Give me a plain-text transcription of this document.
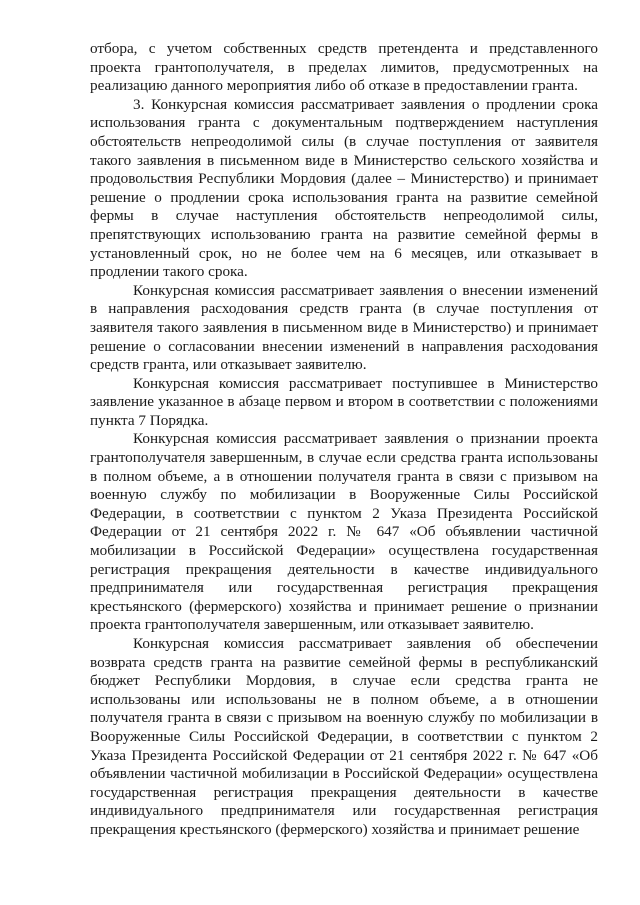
отбора, с учетом собственных средств претендента и представленного проекта грантополучателя, в пределах лимитов, предусмотренных на реализацию данного мероприятия либо об отказе в предоставлении гранта.

3. Конкурсная комиссия рассматривает заявления о продлении срока использования гранта с документальным подтверждением наступления обстоятельств непреодолимой силы (в случае поступления от заявителя такого заявления в письменном виде в Министерство сельского хозяйства и продовольствия Республики Мордовия (далее – Министерство) и принимает решение о продлении срока использования гранта на развитие семейной фермы в случае наступления обстоятельств непреодолимой силы, препятствующих использованию гранта на развитие семейной фермы в установленный срок, но не более чем на 6 месяцев, или отказывает в продлении такого срока.

Конкурсная комиссия рассматривает заявления о внесении изменений в направления расходования средств гранта (в случае поступления от заявителя такого заявления в письменном виде в Министерство) и принимает решение о согласовании внесении изменений в направления расходования средств гранта, или отказывает заявителю.

Конкурсная комиссия рассматривает поступившее в Министерство заявление указанное в абзаце первом и втором в соответствии с положениями пункта 7 Порядка.

Конкурсная комиссия рассматривает заявления о признании проекта грантополучателя завершенным, в случае если средства гранта использованы в полном объеме, а в отношении получателя гранта в связи с призывом на военную службу по мобилизации в Вооруженные Силы Российской Федерации, в соответствии с пунктом 2 Указа Президента Российской Федерации от 21 сентября 2022 г. № 647 «Об объявлении частичной мобилизации в Российской Федерации» осуществлена государственная регистрация прекращения деятельности в качестве индивидуального предпринимателя или государственная регистрация прекращения крестьянского (фермерского) хозяйства и принимает решение о признании проекта грантополучателя завершенным, или отказывает заявителю.

Конкурсная комиссия рассматривает заявления об обеспечении возврата средств гранта на развитие семейной фермы в республиканский бюджет Республики Мордовия, в случае если средства гранта не использованы или использованы не в полном объеме, а в отношении получателя гранта в связи с призывом на военную службу по мобилизации в Вооруженные Силы Российской Федерации, в соответствии с пунктом 2 Указа Президента Российской Федерации от 21 сентября 2022 г. № 647 «Об объявлении частичной мобилизации в Российской Федерации» осуществлена государственная регистрация прекращения деятельности в качестве индивидуального предпринимателя или государственная регистрация прекращения крестьянского (фермерского) хозяйства и принимает решение
